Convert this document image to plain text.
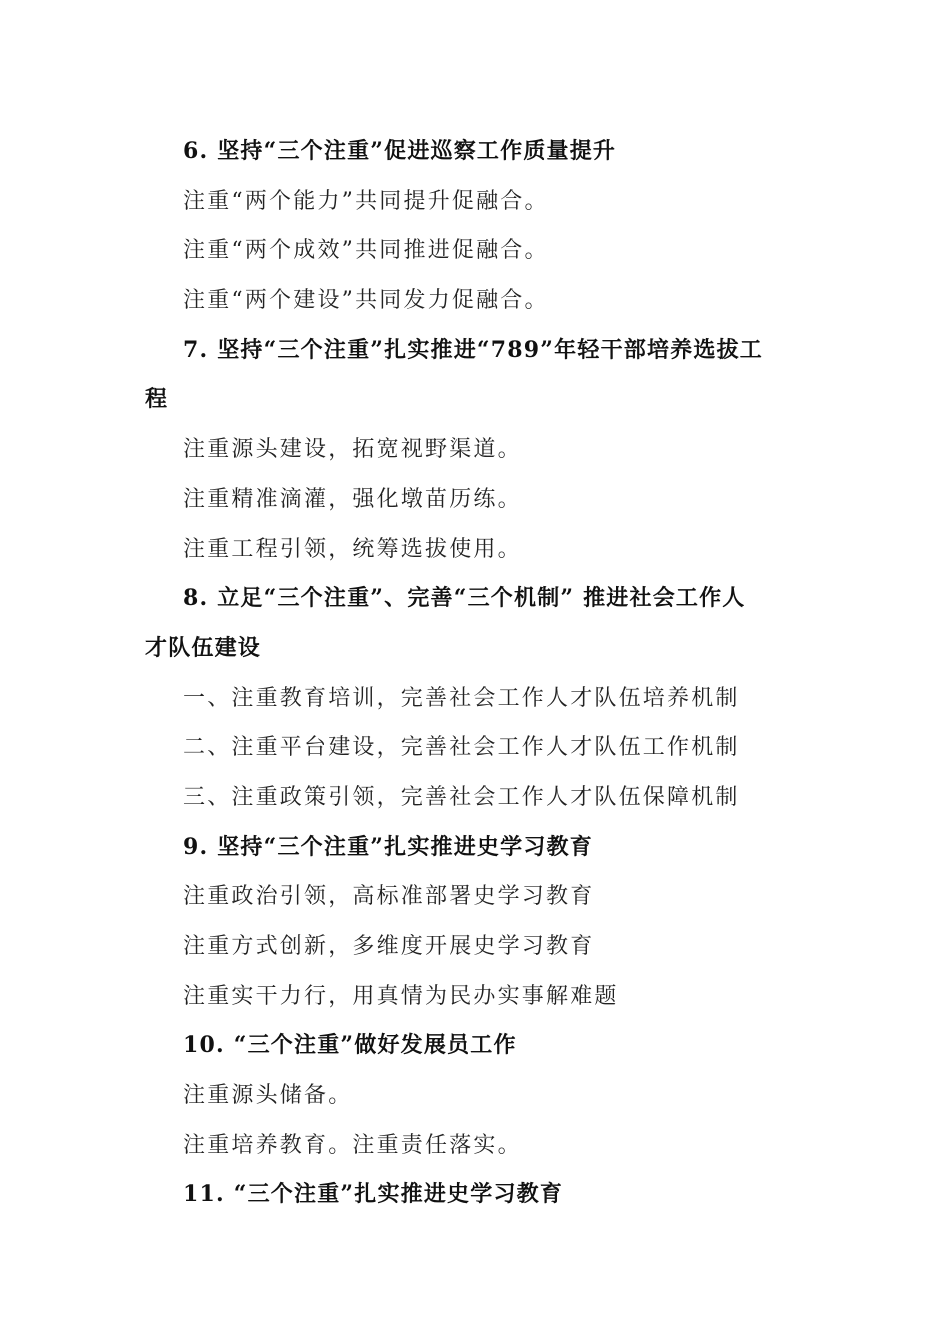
6. 坚持“三个注重”促进巡察工作质量提升
注重“两个能力”共同提升促融合。
注重“两个成效”共同推进促融合。
注重“两个建设”共同发力促融合。
7. 坚持“三个注重”扎实推进“789”年轻干部培养选拔工
程
注重源头建设，拓宽视野渠道。
注重精准滴灌，强化墩苗历练。
注重工程引领，统筹选拔使用。
8. 立足“三个注重”、完善“三个机制” 推进社会工作人
才队伍建设
一、注重教育培训，完善社会工作人才队伍培养机制
二、注重平台建设，完善社会工作人才队伍工作机制
三、注重政策引领，完善社会工作人才队伍保障机制
9. 坚持“三个注重”扎实推进史学习教育
注重政治引领，高标准部署史学习教育
注重方式创新，多维度开展史学习教育
注重实干力行，用真情为民办实事解难题
10. “三个注重”做好发展员工作
注重源头储备。
注重培养教育。注重责任落实。
11. “三个注重”扎实推进史学习教育
